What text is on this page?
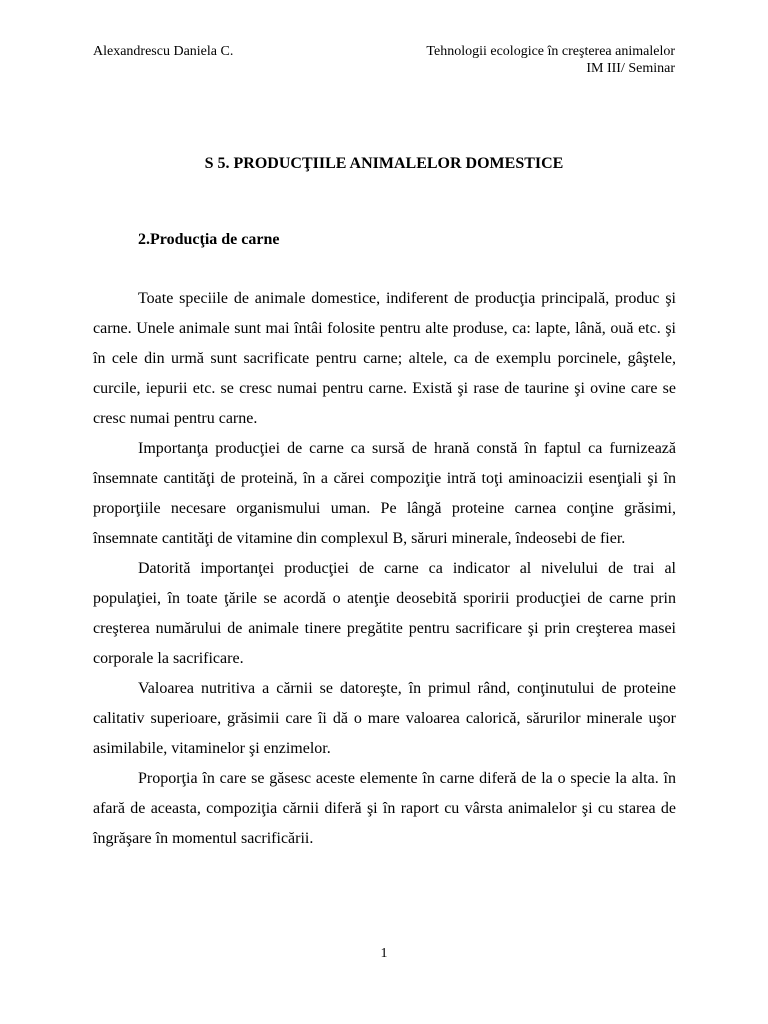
Alexandrescu Daniela C.	Tehnologii ecologice în creşterea animalelor
IM III/ Seminar
S 5. PRODUCŢIILE ANIMALELOR DOMESTICE
2.Producţia de carne

Toate speciile de animale domestice, indiferent de producţia principală, produc şi carne. Unele animale sunt mai întâi folosite pentru alte produse, ca: lapte, lână, ouă etc. şi în cele din urmă sunt sacrificate pentru carne; altele, ca de exemplu porcinele, gâştele, curcile, iepurii etc. se cresc numai pentru carne. Există şi rase de taurine şi ovine care se cresc numai pentru carne.

Importanţa producţiei de carne ca sursă de hrană constă în faptul ca furnizează însemnate cantităţi de proteină, în a cărei compoziţie intră toţi aminoacizii esenţiali şi în proporţiile necesare organismului uman. Pe lângă proteine carnea conţine grăsimi, însemnate cantităţi de vitamine din complexul B, săruri minerale, îndeosebi de fier.

Datorită importanţei producţiei de carne ca indicator al nivelului de trai al populaţiei, în toate ţările se acordă o atenţie deosebită sporirii producţiei de carne prin creşterea numărului de animale tinere pregătite pentru sacrificare şi prin creşterea masei corporale la sacrificare.

Valoarea nutritiva a cărnii se datoreşte, în primul rând, conţinutului de proteine calitativ superioare, grăsimii care îi dă o mare valoarea calorică, sărurilor minerale uşor asimilabile, vitaminelor şi enzimelor.

Proporţia în care se găsesc aceste elemente în carne diferă de la o specie la alta. în afară de aceasta, compoziţia cărnii diferă şi în raport cu vârsta animalelor şi cu starea de îngrăşare în momentul sacrificării.

1
